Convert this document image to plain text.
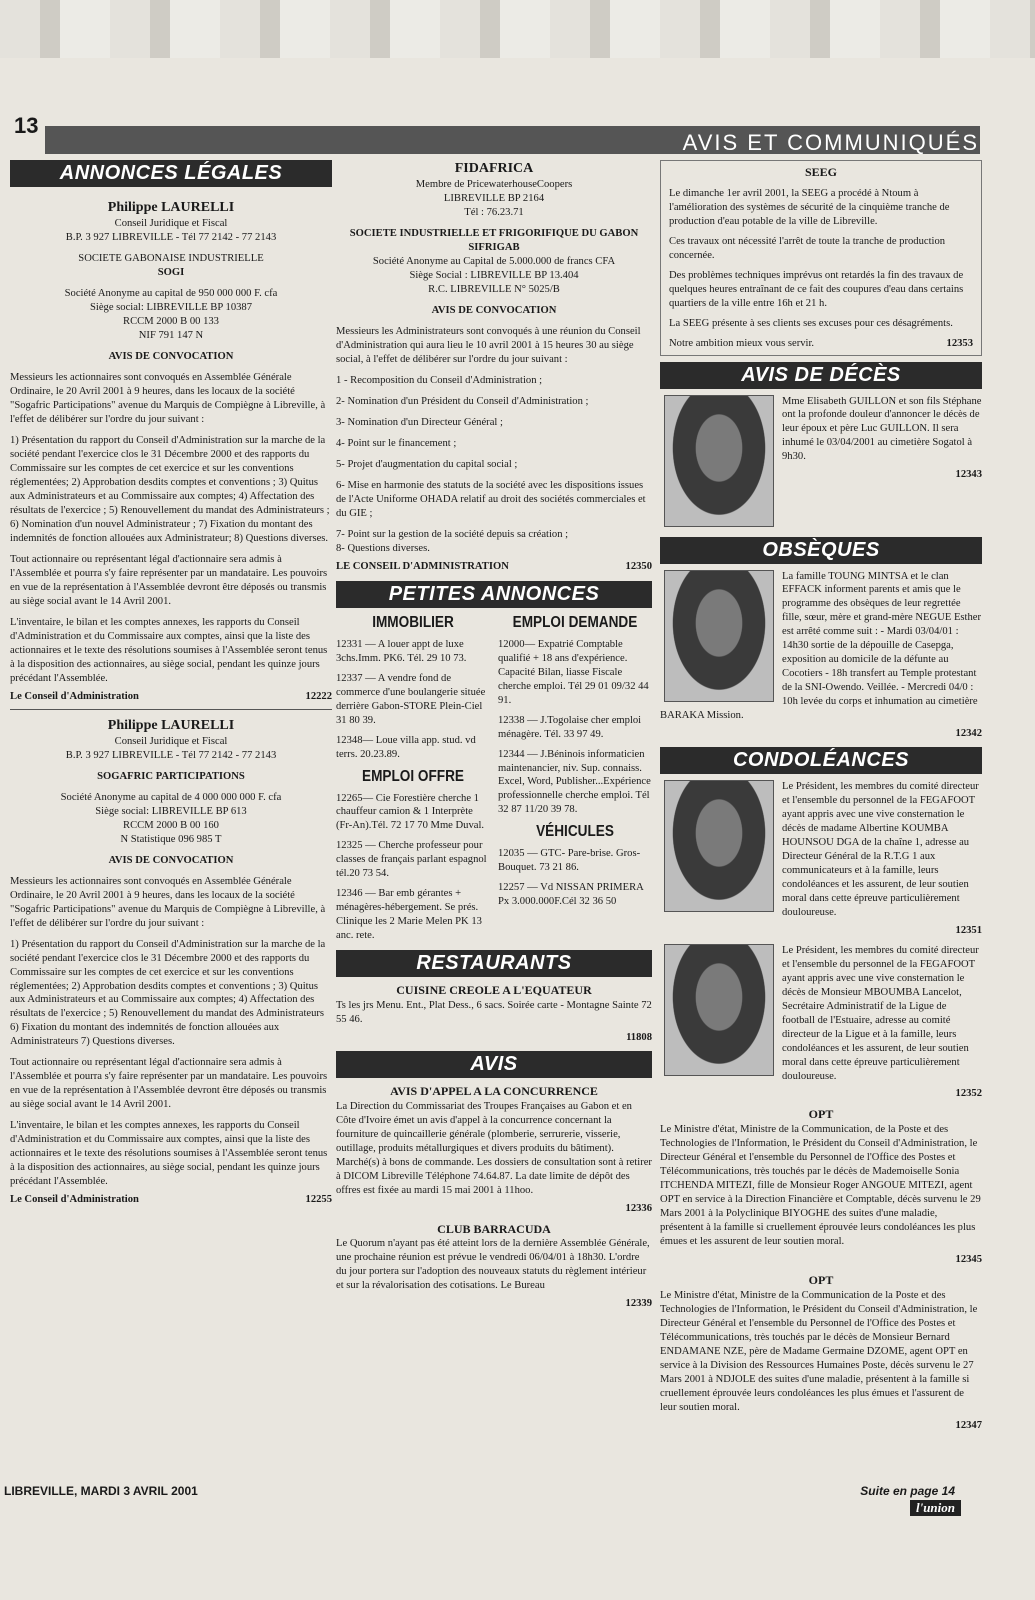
13
AVIS ET COMMUNIQUÉS
ANNONCES LÉGALES
Philippe LAURELLI
Conseil Juridique et Fiscal
B.P. 3 927 LIBREVILLE - Tél 77 2142 - 77 2143
SOCIETE GABONAISE INDUSTRIELLE
SOGI
Société Anonyme au capital de 950 000 000 F. cfa
Siège social: LIBREVILLE BP 10387
RCCM 2000 B 00 133
NIF 791 147 N
AVIS DE CONVOCATION
Messieurs les actionnaires sont convoqués en Assemblée Générale Ordinaire, le 20 Avril 2001 à 9 heures, dans les locaux de la société "Sogafric Participations" avenue du Marquis de Compiègne à Libreville, à l'effet de délibérer sur l'ordre du jour suivant :
1) Présentation du rapport du Conseil d'Administration sur la marche de la société pendant l'exercice clos le 31 Décembre 2000 et des rapports du Commissaire sur les comptes de cet exercice et sur les conventions réglementées; 2) Approbation desdits comptes et conventions ; 3) Quitus aux Administrateurs et au Commissaire aux comptes; 4) Affectation des résultats de l'exercice ; 5) Renouvellement du mandat des Administrateurs ; 6) Nomination d'un nouvel Administrateur ; 7) Fixation du montant des indemnités de fonction allouées aux Administrateur; 8) Questions diverses.
Tout actionnaire ou représentant légal d'actionnaire sera admis à l'Assemblée et pourra s'y faire représenter par un mandataire. Les pouvoirs en vue de la représentation à l'Assemblée devront être déposés ou transmis au siège social avant le 14 Avril 2001.
L'inventaire, le bilan et les comptes annexes, les rapports du Conseil d'Administration et du Commissaire aux comptes, ainsi que la liste des actionnaires et le texte des résolutions soumises à l'Assemblée seront tenus à la disposition des actionnaires, au siège social, pendant les quinze jours précédant l'Assemblée.
Le Conseil d'Administration	12222
Philippe LAURELLI
Conseil Juridique et Fiscal
B.P. 3 927 LIBREVILLE - Tél 77 2142 - 77 2143
SOGAFRIC PARTICIPATIONS
Société Anonyme au capital de 4 000 000 000 F. cfa
Siège social: LIBREVILLE BP 613
RCCM 2000 B 00 160
N Statistique 096 985 T
AVIS DE CONVOCATION
Messieurs les actionnaires sont convoqués en Assemblée Générale Ordinaire, le 20 Avril 2001 à 9 heures, dans les locaux de la société "Sogafric Participations" avenue du Marquis de Compiègne à Libreville, à l'effet de délibérer sur l'ordre du jour suivant :
1) Présentation du rapport du Conseil d'Administration sur la marche de la société pendant l'exercice clos le 31 Décembre 2000 et des rapports du Commissaire sur les comptes de cet exercice et sur les conventions réglementées; 2) Approbation desdits comptes et conventions ; 3) Quitus aux Administrateurs et au Commissaire aux comptes; 4) Affectation des résultats de l'exercice ; 5) Renouvellement du mandat des Administrateurs 6) Fixation du montant des indemnités de fonction allouées aux Administrateurs 7) Questions diverses.
Tout actionnaire ou représentant légal d'actionnaire sera admis à l'Assemblée et pourra s'y faire représenter par un mandataire. Les pouvoirs en vue de la représentation à l'Assemblée devront être déposés ou transmis au siège social avant le 14 Avril 2001.
L'inventaire, le bilan et les comptes annexes, les rapports du Conseil d'Administration et du Commissaire aux comptes, ainsi que la liste des actionnaires et le texte des résolutions soumises à l'Assemblée seront tenus à la disposition des actionnaires, au siège social, pendant les quinze jours précédant l'Assemblée.
Le Conseil d'Administration	12255
FIDAFRICA
Membre de PricewaterhouseCoopers
LIBREVILLE BP 2164
Tél : 76.23.71
SOCIETE INDUSTRIELLE ET FRIGORIFIQUE DU GABON
SIFRIGAB
Société Anonyme au Capital de 5.000.000 de francs CFA
Siège Social : LIBREVILLE BP 13.404
R.C. LIBREVILLE N° 5025/B
AVIS DE CONVOCATION
Messieurs les Administrateurs sont convoqués à une réunion du Conseil d'Administration qui aura lieu le 10 avril 2001 à 15 heures 30 au siège social, à l'effet de délibérer sur l'ordre du jour suivant :
1 - Recomposition du Conseil d'Administration ;
2- Nomination d'un Président du Conseil d'Administration ;
3- Nomination d'un Directeur Général ;
4- Point sur le financement ;
5- Projet d'augmentation du capital social ;
6- Mise en harmonie des statuts de la société avec les dispositions issues de l'Acte Uniforme OHADA relatif au droit des sociétés commerciales et du GIE ;
7- Point sur la gestion de la société depuis sa création ;
8- Questions diverses.
LE CONSEIL D'ADMINISTRATION	12350
PETITES ANNONCES
IMMOBILIER
12331 — A louer appt de luxe 3chs.Imm. PK6. Tél. 29 10 73.
12337 — A vendre fond de commerce d'une boulangerie située derrière Gabon-STORE Plein-Ciel 31 80 39.
12348— Loue villa app. stud. vd terrs. 20.23.89.
EMPLOI OFFRE
12265— Cie Forestière cherche 1 chauffeur camion & 1 Interprète (Fr-An).Tél. 72 17 70 Mme Duval.
12325 — Cherche professeur pour classes de français parlant espagnol tél.20 73 54.
12346 — Bar emb gérantes + ménagères-hébergement. Se prés. Clinique les 2 Marie Melen PK 13 anc. rete.
EMPLOI DEMANDE
12000— Expatrié Comptable qualifié + 18 ans d'expérience. Capacité Bilan, liasse Fiscale cherche emploi. Tél 29 01 09/32 44 91.
12338 — J.Togolaise cher emploi ménagère. Tél. 33 97 49.
12344 — J.Béninois informaticien maintenancier, niv. Sup. connaiss. Excel, Word, Publisher...Expérience professionnelle cherche emploi. Tél 32 87 11/20 39 78.
VÉHICULES
12035 — GTC- Pare-brise. Gros-Bouquet. 73 21 86.
12257 — Vd NISSAN PRIMERA Px 3.000.000F.Cél 32 36 50
RESTAURANTS
CUISINE CREOLE A L'EQUATEUR
Ts les jrs Menu. Ent., Plat Dess., 6 sacs. Soirée carte - Montagne Sainte 72 55 46.
11808
AVIS
AVIS D'APPEL A LA CONCURRENCE
La Direction du Commissariat des Troupes Françaises au Gabon et en Côte d'Ivoire émet un avis d'appel à la concurrence concernant la fourniture de quincaillerie générale (plomberie, serrurerie, visserie, outillage, produits métallurgiques et divers produits du bâtiment). Marché(s) à bons de commande. Les dossiers de consultation sont à retirer à DICOM Libreville Téléphone 74.64.87. La date limite de dépôt des offres est fixée au mardi 15 mai 2001 à 11hoo.
12336
CLUB BARRACUDA
Le Quorum n'ayant pas été atteint lors de la dernière Assemblée Générale, une prochaine réunion est prévue le vendredi 06/04/01 à 18h30. L'ordre du jour portera sur l'adoption des nouveaux statuts du règlement intérieur et sur la révalorisation des cotisations. Le Bureau
12339
SEEG
Le dimanche 1er avril 2001, la SEEG a procédé à Ntoum à l'amélioration des systèmes de sécurité de la cinquième tranche de production d'eau potable de la ville de Libreville.
Ces travaux ont nécessité l'arrêt de toute la tranche de production concernée.
Des problèmes techniques imprévus ont retardés la fin des travaux de quelques heures entraînant de ce fait des coupures d'eau dans certains quartiers de la ville entre 16h et 21 h.
La SEEG présente à ses clients ses excuses pour ces désagréments.
Notre ambition mieux vous servir.	12353
AVIS DE DÉCÈS
Mme Elisabeth GUILLON et son fils Stéphane ont la profonde douleur d'annoncer le décès de leur époux et père Luc GUILLON. Il sera inhumé le 03/04/2001 au cimetière Sogatol à 9h30.
12343
OBSÈQUES
La famille TOUNG MINTSA et le clan EFFACK informent parents et amis que le programme des obsèques de leur regrettée fille, sœur, mère et grand-mère NEGUE Esther est arrêté comme suit : - Mardi 03/04/01 : 14h30 sortie de la dépouille de Casepga, exposition au domicile de la défunte au Cocotiers - 18h transfert au Temple protestant de la SNI-Owendo. Veillée. - Mercredi 04/0 : 10h levée du corps et inhumation au cimetière BARAKA Mission.
12342
CONDOLÉANCES
Le Président, les membres du comité directeur et l'ensemble du personnel de la FEGAFOOT ayant appris avec une vive consternation le décès de madame Albertine KOUMBA HOUNSOU DGA de la chaîne 1, adresse au Directeur Général de la R.T.G 1 aux communicateurs et à la famille, leurs condoléances et les assurent, de leur soutien moral dans cette épreuve particulièrement douloureuse.
12351
Le Président, les membres du comité directeur et l'ensemble du personnel de la FEGAFOOT ayant appris avec une vive consternation le décès de Monsieur MBOUMBA Lancelot, Secrétaire Administratif de la Ligue de football de l'Estuaire, adresse au comité directeur de la Ligue et à la famille, leurs condoléances et les assurent, de leur soutien moral dans cette épreuve particulièrement douloureuse.
12352
OPT
Le Ministre d'état, Ministre de la Communication, de la Poste et des Technologies de l'Information, le Président du Conseil d'Administration, le Directeur Général et l'ensemble du Personnel de l'Office des Postes et Télécommunications, très touchés par le décès de Mademoiselle Sonia ITCHENDA MITEZI, fille de Monsieur Roger ANGOUE MITEZI, agent OPT en service à la Direction Financière et Comptable, décès survenu le 29 Mars 2001 à la Polyclinique BIYOGHE des suites d'une maladie, présentent à la famille si cruellement éprouvée leurs condoléances les plus émues et les assurent de leur soutien moral.
12345
OPT
Le Ministre d'état, Ministre de la Communication de la Poste et des Technologies de l'Information, le Président du Conseil d'Administration, le Directeur Général et l'ensemble du Personnel de l'Office des Postes et Télécommunications, très touchés par le décès de Monsieur Bernard ENDAMANE NZE, père de Madame Germaine DZOME, agent OPT en service à la Division des Ressources Humaines Poste, décès survenu le 27 Mars 2001 à NDJOLE des suites d'une maladie, présentent à la famille si cruellement éprouvée leurs condoléances les plus émues et l'assurent de leur soutien moral.
12347
LIBREVILLE, MARDI 3 AVRIL 2001	Suite en page 14
l'union
